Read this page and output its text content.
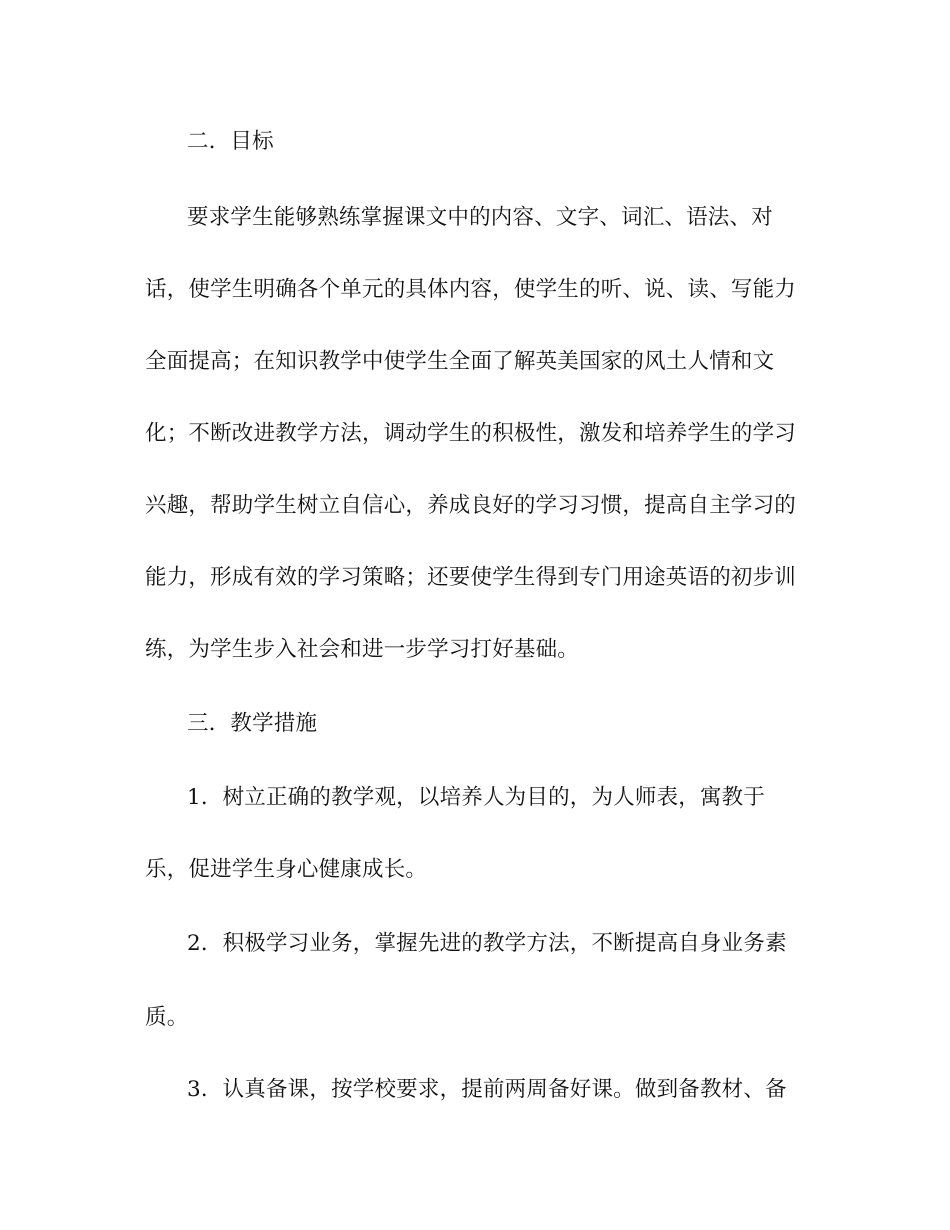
二．目标
要求学生能够熟练掌握课文中的内容、文字、词汇、语法、对
话，使学生明确各个单元的具体内容，使学生的听、说、读、写能力
全面提高；在知识教学中使学生全面了解英美国家的风土人情和文
化；不断改进教学方法，调动学生的积极性，激发和培养学生的学习
兴趣，帮助学生树立自信心，养成良好的学习习惯，提高自主学习的
能力，形成有效的学习策略；还要使学生得到专门用途英语的初步训
练，为学生步入社会和进一步学习打好基础。
三．教学措施
1．树立正确的教学观，以培养人为目的，为人师表，寓教于
乐，促进学生身心健康成长。
2．积极学习业务，掌握先进的教学方法，不断提高自身业务素
质。
3．认真备课，按学校要求，提前两周备好课。做到备教材、备
